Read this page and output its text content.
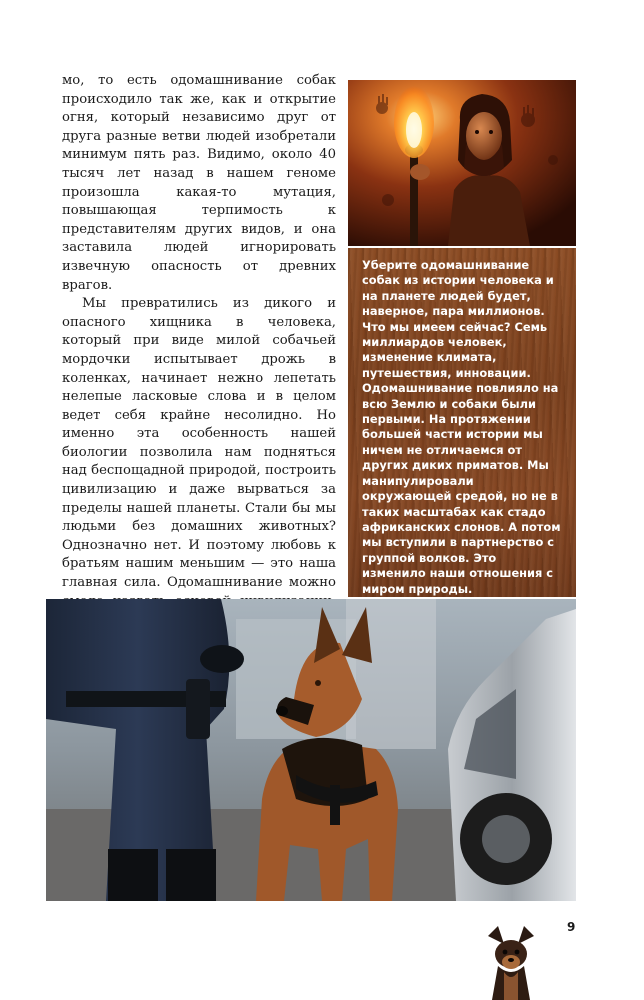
мо, то есть одомашнивание собак происходило так же, как и открытие огня, который независимо друг от друга разные ветви людей изобретали минимум пять раз. Видимо, около 40 тысяч лет назад в нашем геноме произошла какая-то мутация, повышающая терпимость к представителям других видов, и она заставила людей игнорировать извечную опасность от древних врагов.

Мы превратились из дикого и опасного хищника в человека, который при виде милой собачьей мордочки испытывает дрожь в коленках, начинает нежно лепетать нелепые ласковые слова и в целом ведет себя крайне несолидно. Но именно эта особенность нашей биологии позволила нам подняться над беспощадной природой, построить цивилизацию и даже вырваться за пределы нашей планеты. Стали бы мы людьми без домашних животных? Однозначно нет. И поэтому любовь к братьям нашим меньшим — это наша главная сила. Одомашнивание можно

Уберите одомашнивание собак из истории человека и на планете людей будет, наверное, пара миллионов. Что мы имеем сейчас? Семь миллиардов человек, изменение климата, путешествия, инновации. Одомашнивание повлияло на всю Землю и собаки были первыми. На протяжении большей части истории мы ничем не отличаемся от других диких приматов. Мы манипулировали окружающей средой, но не в таких масштабах как стадо африканских слонов. А потом мы вступили в партнерство с группой волков. Это изменило наши отношения с миром природы.

9
